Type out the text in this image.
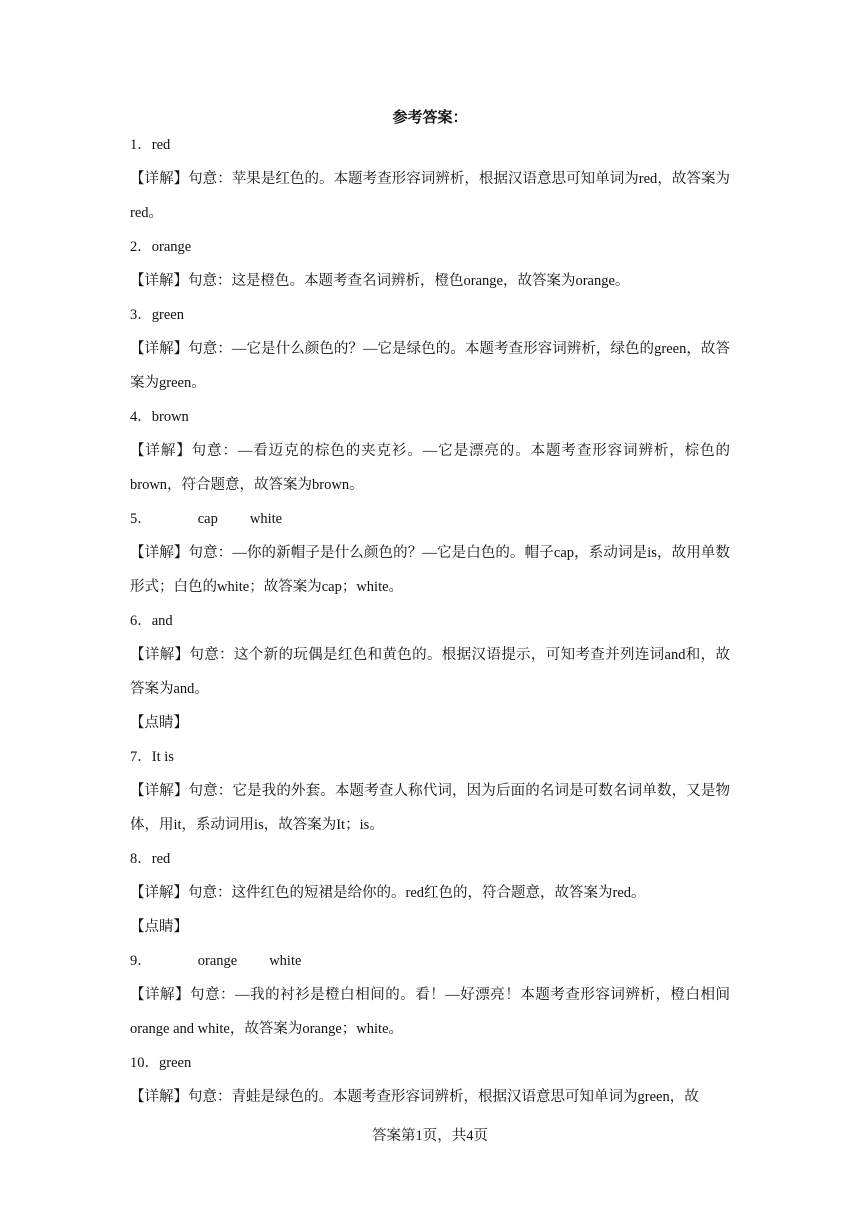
参考答案：
1．red
【详解】句意：苹果是红色的。本题考查形容词辨析，根据汉语意思可知单词为red，故答案为red。
2．orange
【详解】句意：这是橙色。本题考查名词辨析，橙色orange，故答案为orange。
3．green
【详解】句意：—它是什么颜色的？—它是绿色的。本题考查形容词辨析，绿色的green，故答案为green。
4．brown
【详解】句意：—看迈克的棕色的夹克衫。—它是漂亮的。本题考查形容词辨析，棕色的brown，符合题意，故答案为brown。
5．	cap white
【详解】句意：—你的新帽子是什么颜色的？—它是白色的。帽子cap，系动词是is，故用单数形式；白色的white；故答案为cap；white。
6．and
【详解】句意：这个新的玩偶是红色和黄色的。根据汉语提示，可知考查并列连词and和，故答案为and。
【点睛】
7．It is
【详解】句意：它是我的外套。本题考查人称代词，因为后面的名词是可数名词单数，又是物体，用it，系动词用is，故答案为It；is。
8．red
【详解】句意：这件红色的短裙是给你的。red红色的，符合题意，故答案为red。
【点睛】
9．	orange white
【详解】句意：—我的衬衫是橙白相间的。看！—好漂亮！本题考查形容词辨析，橙白相间orange and white，故答案为orange；white。
10．green
【详解】句意：青蛙是绿色的。本题考查形容词辨析，根据汉语意思可知单词为green，故
答案第1页，共4页
